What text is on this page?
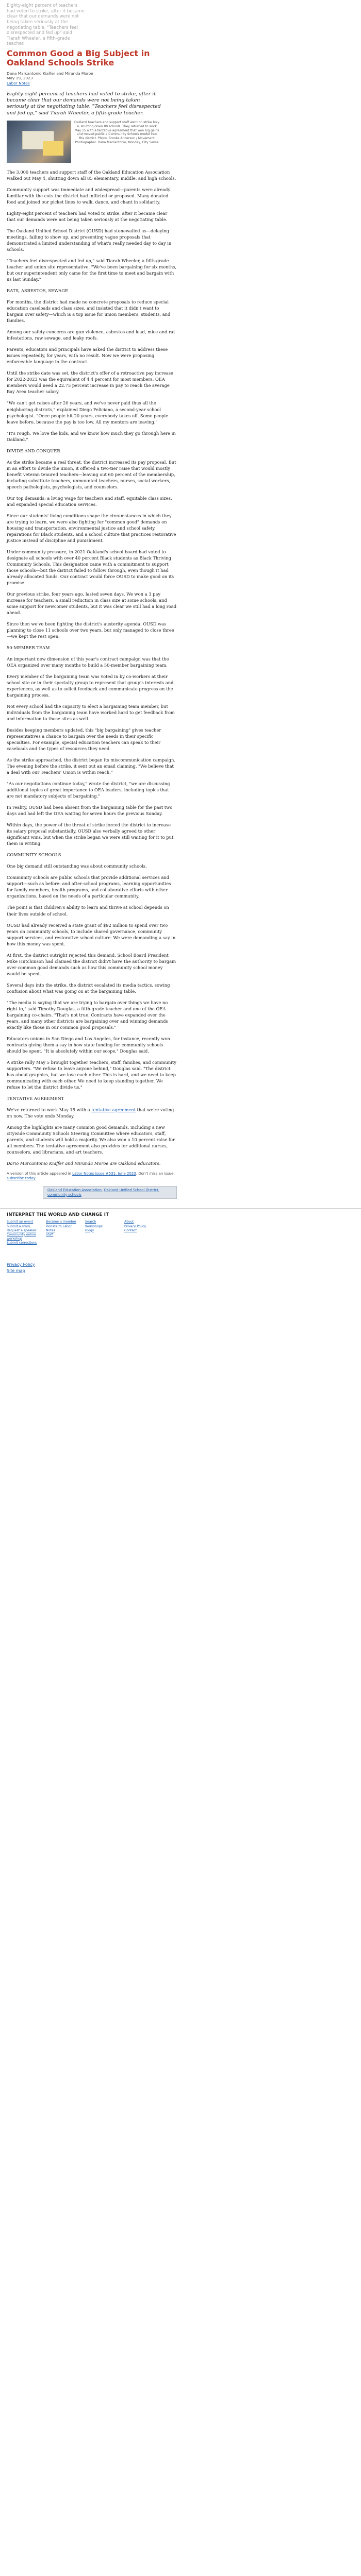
Eighty-eight percent of teachers had voted to strike, after it became clear that our demands were not being taken seriously at the negotiating table. "Teachers feel disrespected and fed up" said Tiarah Wheeler, a fifth-grade teacher.
Common Good a Big Subject in Oakland Schools Strike
Dana Marcantonio Kiaffer and Miranda Moroe
May 19, 2023
Labor Notes
Eighty-eight percent of teachers had voted to strike, after it became clear that our demands were not being taken seriously at the negotiating table. "Teachers feel disrespected and fed up," said Tiarah Wheeler, a fifth-grade teacher.
Oakland teachers and support staff went on strike May 4, shutting down 80 schools. They returned to work May 15 with a tentative agreement that won big gains and moved public a Community Schools model into the district. Photo: Brooke Anderson / Movement Photographer. Dana Marcantonio, Monday, City Sense

The 3,000 teachers and support staff of the Oakland Education Association walked out May 4, shutting down all 85 elementary, middle, and high schools.

Community support was immediate and widespread—parents were already familiar with the cuts the district had inflicted or proposed. Many donated food and joined our picket lines to walk, dance, and chant in solidarity.

Eighty-eight percent of teachers had voted to strike, after it became clear that our demands were not being taken seriously at the negotiating table.

The Oakland Unified School District (OUSD) had stonewalled us—delaying meetings, failing to show up, and presenting vague proposals that demonstrated a limited understanding of what's really needed day to day in schools.

"Teachers feel disrespected and fed up," said Tiarah Wheeler, a fifth-grade teacher and union site representative. "We've been bargaining for six months, but our superintendent only came for the first time to meet and bargain with us last Sunday."

RATS, ASBESTOS, SEWAGE

For months, the district had made no concrete proposals to reduce special education caseloads and class sizes, and insisted that it didn't want to bargain over safety—which is a top issue for union members, students, and families.

Among our safety concerns are gun violence, asbestos and lead, mice and rat infestations, raw sewage, and leaky roofs.

Parents, educators and principals have asked the district to address these issues repeatedly, for years, with no result. Now we were proposing enforceable language in the contract.

Until the strike date was set, the district's offer of a retroactive pay increase for 2022-2023 was the equivalent of 4.4 percent for most members. OEA members would need a 22.75 percent increase in pay to reach the average Bay Area teacher salary.

"We can't get raises after 20 years, and we've never paid thus all the neighboring districts," explained Diego Feliciano, a second-year school psychologist. "Once people hit 20 years, everybody takes off. Some people leave before, because the pay is too low. All my mentors are leaving."

"It's rough. We love the kids, and we know how much they go through here in Oakland."

DIVIDE AND CONQUER

As the strike became a real threat, the district increased its pay proposal. But in an effort to divide the union, it offered a two-tier raise that would mostly benefit veteran tenured teachers—leaving out 60 percent of the membership, including substitute teachers, unmounted teachers, nurses, social workers, speech pathologists, psychologists, and counselors.

Our top demands: a living wage for teachers and staff, equitable class sizes, and expanded special education services.

Since our students' living conditions shape the circumstances in which they are trying to learn, we were also fighting for "common good" demands on housing and transportation, environmental justice and school safety, reparations for Black students, and a school culture that practices restorative justice instead of discipline and punishment.

Under community pressure, in 2021 Oakland's school board had voted to designate all schools with over 40 percent Black students as Black Thriving Community Schools. This designation came with a commitment to support those schools—but the district failed to follow through, even though it had already allocated funds. Our contract would force OUSD to make good on its promise.

Our previous strike, four years ago, lasted seven days. We won a 3 pay increase for teachers, a small reduction in class size at some schools, and some support for newcomer students, but it was clear we still had a long road ahead.

Since then we've been fighting the district's austerity agenda. OUSD was planning to close 11 schools over two years, but only managed to close three—we kept the rest open.

50-MEMBER TEAM

An important new dimension of this year's contract campaign was that the OEA organized over many months to build a 50-member bargaining team.

Every member of the bargaining team was voted in by co-workers at their school site or in their specialty group to represent that group's interests and experiences, as well as to solicit feedback and communicate progress on the bargaining process.

Not every school had the capacity to elect a bargaining team member, but individuals from the bargaining team have worked hard to get feedback from and information to those sites as well.

Besides keeping members updated, this "big bargaining" gives teacher representatives a chance to bargain over the needs in their specific specialties. For example, special education teachers can speak to their caseloads and the types of resources they need.

As the strike approached, the district began its miscommunication campaign. The evening before the strike, it sent out an email claiming, "We believe that a deal with our Teachers' Union is within reach."

"As our negotiations continue today," wrote the district, "we are discussing additional topics of great importance to OEA leaders, including topics that are not mandatory subjects of bargaining."

In reality, OUSD had been absent from the bargaining table for the past two days and had left the OEA waiting for seven hours the previous Sunday.

Within days, the power of the threat of strike forced the district to increase its salary proposal substantially. OUSD also verbally agreed to other significant wins, but when the strike began we were still waiting for it to put them in writing.

COMMUNITY SCHOOLS

One big demand still outstanding was about community schools.

Community schools are public schools that provide additional services and support—such as before- and after-school programs, learning opportunities for family members, health programs, and collaborative efforts with other organizations, based on the needs of a particular community.

The point is that children's ability to learn and thrive at school depends on their lives outside of school.

OUSD had already received a state grant of $92 million to spend over two years on community schools, to include shared governance, community support services, and restorative school culture. We were demanding a say in how this money was spent.

At first, the district outright rejected this demand. School Board President Mike Hutchinson had claimed the district didn't have the authority to bargain over common good demands such as how this community school money would be spent.

Several days into the strike, the district escalated its media tactics, sowing confusion about what was going on at the bargaining table.

"The media is saying that we are trying to bargain over things we have no right to," said Timothy Douglas, a fifth-grade teacher and one of the OEA bargaining co-chairs. "That's not true. Contracts have expanded over the years, and many other districts are bargaining over and winning demands exactly like those in our common good proposals."

Educators unions in San Diego and Los Angeles, for instance, recently won contracts giving them a say in how state funding for community schools should be spent. "It is absolutely within our scope," Douglas said.

A strike rally May 5 brought together teachers, staff, families, and community supporters. "We refuse to leave anyone behind," Douglas said. "The district has about graphics, but we love each other. This is hard, and we need to keep communicating with each other. We need to keep standing together. We refuse to let the district divide us."

TENTATIVE AGREEMENT

We've returned to work May 15 with a tentative agreement that we're voting on now. The vote ends Monday.

Among the highlights are many common good demands, including a new citywide Community Schools Steering Committee where educators, staff, parents, and students will hold a majority. We also won a 10 percent raise for all members. The tentative agreement also provides for additional nurses, counselors, and librarians, and art teachers.

Dario Marcantonio Kiaffer and Miranda Moroe are Oakland educators.

A version of this article appeared in Labor Notes issue #531, June 2023. Don't miss an issue, subscribe today
Oakland Education Association, Oakland Unified School District, community schools
INTERPRET THE WORLD AND CHANGE IT
Submit an event
Submit a story
Request a speaker
Community online workshop
Submit corrections
Become a member
Donate to Labor Notes
Staff
Search
Workshops
Blogs
About
Privacy Policy
Contact
Privacy Policy
Site map
